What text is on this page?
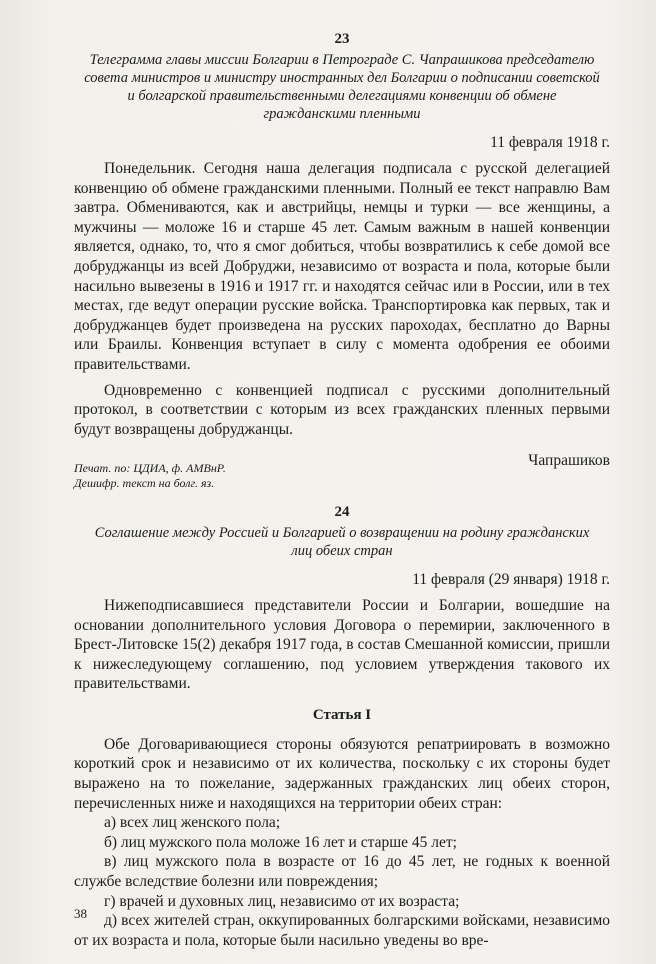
23
Телеграмма главы миссии Болгарии в Петрограде С. Чапрашикова председателю совета министров и министру иностранных дел Болгарии о подписании советской и болгарской правительственными делегациями конвенции об обмене гражданскими пленными
11 февраля 1918 г.

Понедельник. Сегодня наша делегация подписала с русской делегацией конвенцию об обмене гражданскими пленными. Полный ее текст направлю Вам завтра. Обмениваются, как и австрийцы, немцы и турки — все женщины, а мужчины — моложе 16 и старше 45 лет. Самым важным в нашей конвенции является, однако, то, что я смог добиться, чтобы возвратились к себе домой все добруджанцы из всей Добруджи, независимо от возраста и пола, которые были насильно вывезены в 1916 и 1917 гг. и находятся сейчас или в России, или в тех местах, где ведут операции русские войска. Транспортировка как первых, так и добруджанцев будет произведена на русских пароходах, бесплатно до Варны или Браилы. Конвенция вступает в силу с момента одобрения ее обоими правительствами.

Одновременно с конвенцией подписал с русскими дополнительный протокол, в соответствии с которым из всех гражданских пленных первыми будут возвращены добруджанцы.

Чапрашиков
Печат. по: ЦДИА, ф. АМВнР.
Дешифр. текст на болг. яз.
24
Соглашение между Россией и Болгарией о возвращении на родину гражданских лиц обеих стран
11 февраля (29 января) 1918 г.

Нижеподписавшиеся представители России и Болгарии, вошедшие на основании дополнительного условия Договора о перемирии, заключенного в Брест-Литовске 15(2) декабря 1917 года, в состав Смешанной комиссии, пришли к нижеследующему соглашению, под условием утверждения такового их правительствами.

Статья I

Обе Договаривающиеся стороны обязуются репатриировать в возможно короткий срок и независимо от их количества, поскольку с их стороны будет выражено на то пожелание, задержанных гражданских лиц обеих сторон, перечисленных ниже и находящихся на территории обеих стран:

а) всех лиц женского пола;

б) лиц мужского пола моложе 16 лет и старше 45 лет;

в) лиц мужского пола в возрасте от 16 до 45 лет, не годных к военной службе вследствие болезни или повреждения;

г) врачей и духовных лиц, независимо от их возраста;

д) всех жителей стран, оккупированных болгарскими войсками, независимо от их возраста и пола, которые были насильно уведены во вре-

38
